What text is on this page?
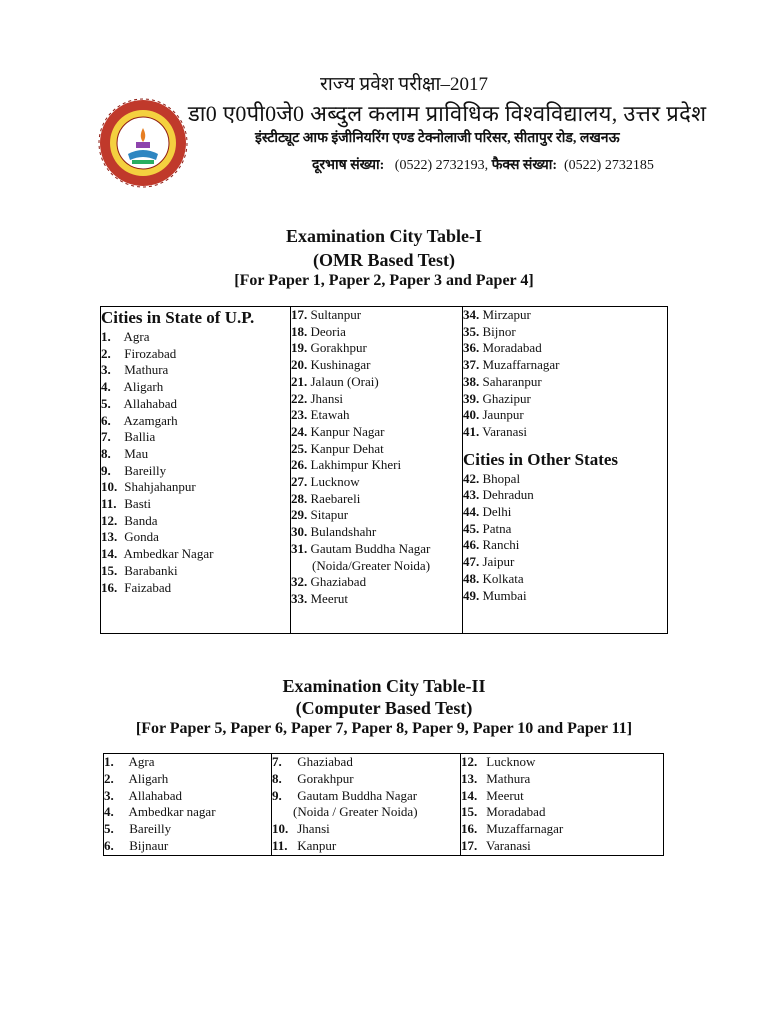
राज्य प्रवेश परीक्षा–2017
डा0 ए0पी0जे0 अब्दुल कलाम प्राविधिक विश्वविद्यालय, उत्तर प्रदेश
इंस्टीट्यूट आफ इंजीनियरिंग एण्ड टेक्नोलाजी परिसर, सीतापुर रोड, लखनऊ
दूरभाष संख्या: (0522) 2732193, फैक्स संख्या: (0522) 2732185
Examination City Table-I
(OMR Based Test)
[For Paper 1, Paper 2, Paper 3 and Paper 4]
Cities in State of U.P.
1. Agra
2. Firozabad
3. Mathura
4. Aligarh
5. Allahabad
6. Azamgarh
7. Ballia
8. Mau
9. Bareilly
10. Shahjahanpur
11. Basti
12. Banda
13. Gonda
14. Ambedkar Nagar
15. Barabanki
16. Faizabad

17. Sultanpur
18. Deoria
19. Gorakhpur
20. Kushinagar
21. Jalaun (Orai)
22. Jhansi
23. Etawah
24. Kanpur Nagar
25. Kanpur Dehat
26. Lakhimpur Kheri
27. Lucknow
28. Raebareli
29. Sitapur
30. Bulandshahr
31. Gautam Buddha Nagar
(Noida/Greater Noida)
32. Ghaziabad
33. Meerut

34. Mirzapur
35. Bijnor
36. Moradabad
37. Muzaffarnagar
38. Saharanpur
39. Ghazipur
40. Jaunpur
41. Varanasi
Cities in Other States
42. Bhopal
43. Dehradun
44. Delhi
45. Patna
46. Ranchi
47. Jaipur
48. Kolkata
49. Mumbai
Examination City Table-II
(Computer Based Test)
[For Paper 5, Paper 6, Paper 7, Paper 8, Paper 9, Paper 10 and Paper 11]
1. Agra
2. Aligarh
3. Allahabad
4. Ambedkar nagar
5. Bareilly
6. Bijnaur

7. Ghaziabad
8. Gorakhpur
9. Gautam Buddha Nagar
(Noida / Greater Noida)
10. Jhansi
11. Kanpur

12. Lucknow
13. Mathura
14. Meerut
15. Moradabad
16. Muzaffarnagar
17. Varanasi
